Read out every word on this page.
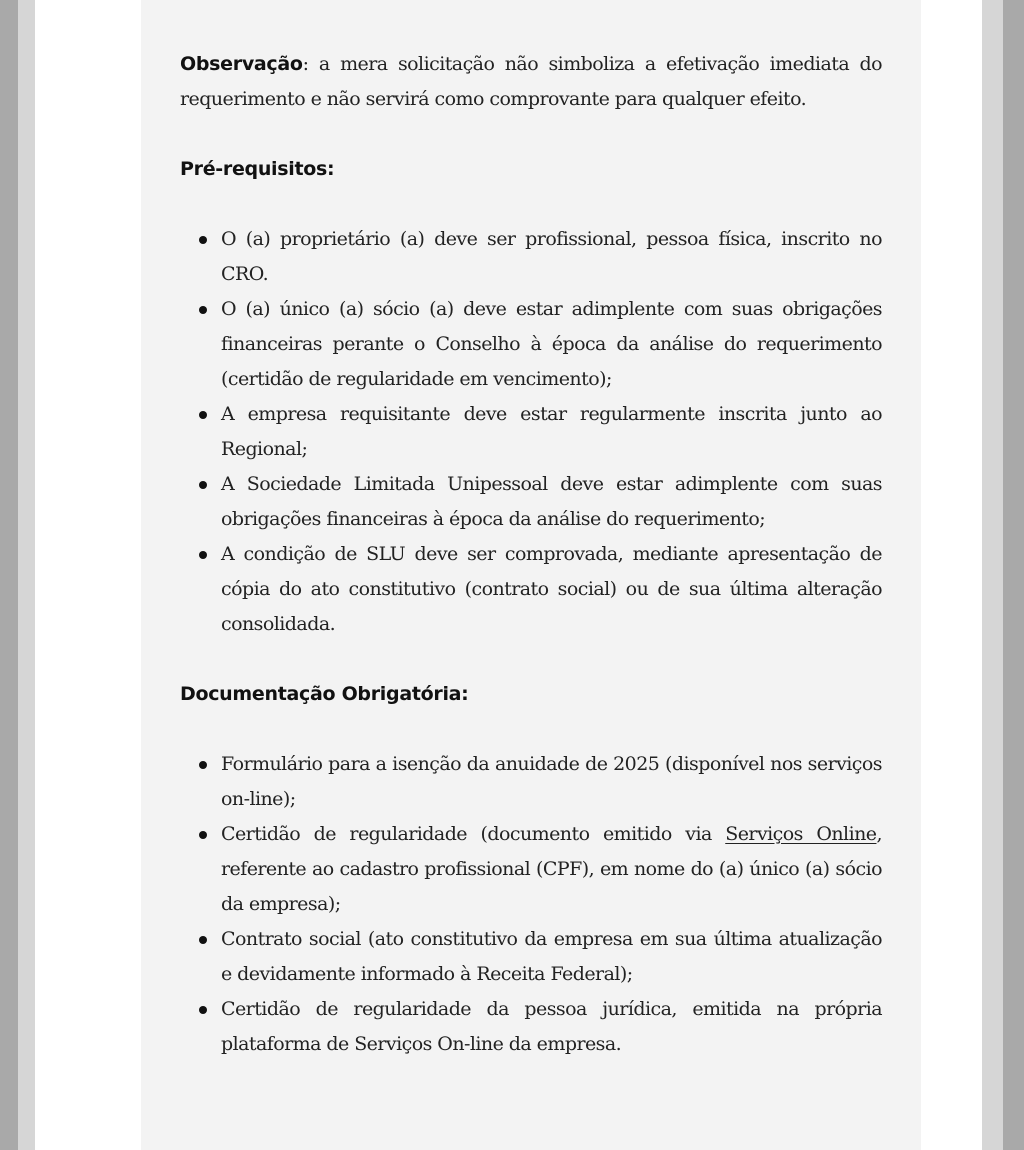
Observação: a mera solicitação não simboliza a efetivação imediata do requerimento e não servirá como comprovante para qualquer efeito.

Pré-requisitos:
O (a) proprietário (a) deve ser profissional, pessoa física, inscrito no CRO.
O (a) único (a) sócio (a) deve estar adimplente com suas obrigações financeiras perante o Conselho à época da análise do requerimento (certidão de regularidade em vencimento);
A empresa requisitante deve estar regularmente inscrita junto ao Regional;
A Sociedade Limitada Unipessoal deve estar adimplente com suas obrigações financeiras à época da análise do requerimento;
A condição de SLU deve ser comprovada, mediante apresentação de cópia do ato constitutivo (contrato social) ou de sua última alteração consolidada.
Documentação Obrigatória:
Formulário para a isenção da anuidade de 2025 (disponível nos serviços on-line);
Certidão de regularidade (documento emitido via Serviços Online, referente ao cadastro profissional (CPF), em nome do (a) único (a) sócio da empresa);
Contrato social (ato constitutivo da empresa em sua última atualização e devidamente informado à Receita Federal);
Certidão de regularidade da pessoa jurídica, emitida na própria plataforma de Serviços On-line da empresa.
